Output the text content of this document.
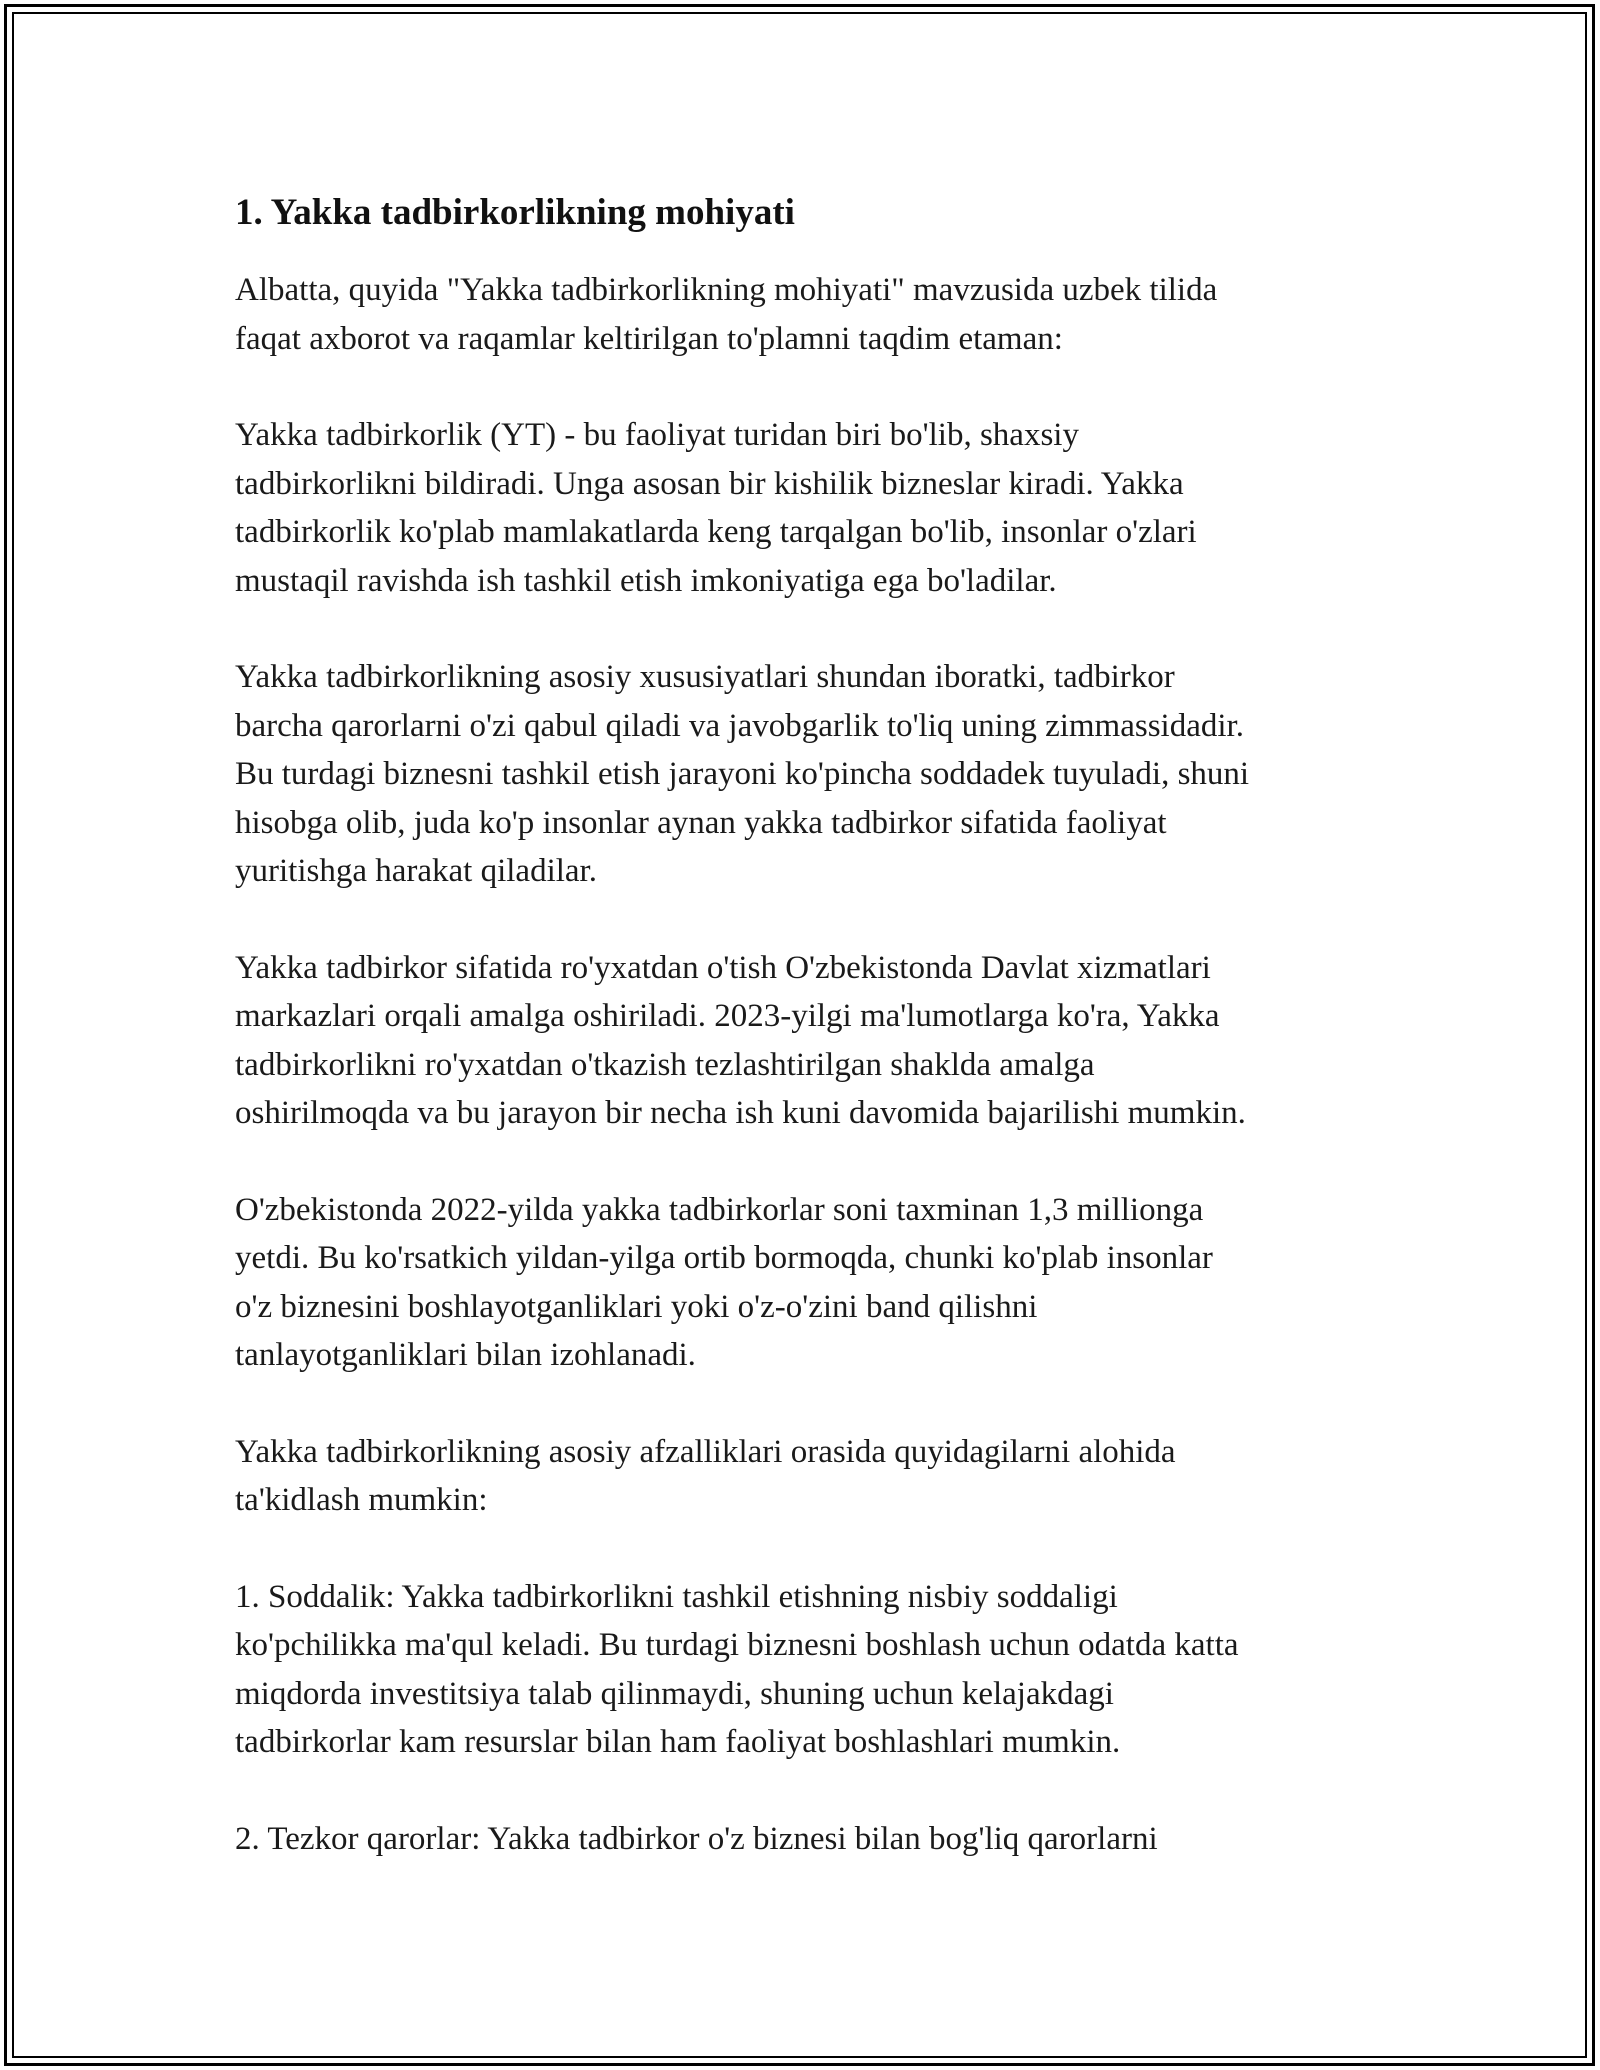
1. Yakka tadbirkorlikning mohiyati

Albatta, quyida "Yakka tadbirkorlikning mohiyati" mavzusida uzbek tilida
faqat axborot va raqamlar keltirilgan to'plamni taqdim etaman:

Yakka tadbirkorlik (YT) - bu faoliyat turidan biri bo'lib, shaxsiy
tadbirkorlikni bildiradi. Unga asosan bir kishilik bizneslar kiradi. Yakka
tadbirkorlik ko'plab mamlakatlarda keng tarqalgan bo'lib, insonlar o'zlari
mustaqil ravishda ish tashkil etish imkoniyatiga ega bo'ladilar.

Yakka tadbirkorlikning asosiy xususiyatlari shundan iboratki, tadbirkor
barcha qarorlarni o'zi qabul qiladi va javobgarlik to'liq uning zimmassidadir.
Bu turdagi biznesni tashkil etish jarayoni ko'pincha soddadek tuyuladi, shuni
hisobga olib, juda ko'p insonlar aynan yakka tadbirkor sifatida faoliyat
yuritishga harakat qiladilar.

Yakka tadbirkor sifatida ro'yxatdan o'tish O'zbekistonda Davlat xizmatlari
markazlari orqali amalga oshiriladi. 2023-yilgi ma'lumotlarga ko'ra, Yakka
tadbirkorlikni ro'yxatdan o'tkazish tezlashtirilgan shaklda amalga
oshirilmoqda va bu jarayon bir necha ish kuni davomida bajarilishi mumkin.

O'zbekistonda 2022-yilda yakka tadbirkorlar soni taxminan 1,3 millionga
yetdi. Bu ko'rsatkich yildan-yilga ortib bormoqda, chunki ko'plab insonlar
o'z biznesini boshlayotganliklari yoki o'z-o'zini band qilishni
tanlayotganliklari bilan izohlanadi.

Yakka tadbirkorlikning asosiy afzalliklari orasida quyidagilarni alohida
ta'kidlash mumkin:

1. Soddalik: Yakka tadbirkorlikni tashkil etishning nisbiy soddaligi
ko'pchilikka ma'qul keladi. Bu turdagi biznesni boshlash uchun odatda katta
miqdorda investitsiya talab qilinmaydi, shuning uchun kelajakdagi
tadbirkorlar kam resurslar bilan ham faoliyat boshlashlari mumkin.

2. Tezkor qarorlar: Yakka tadbirkor o'z biznesi bilan bog'liq qarorlarni
